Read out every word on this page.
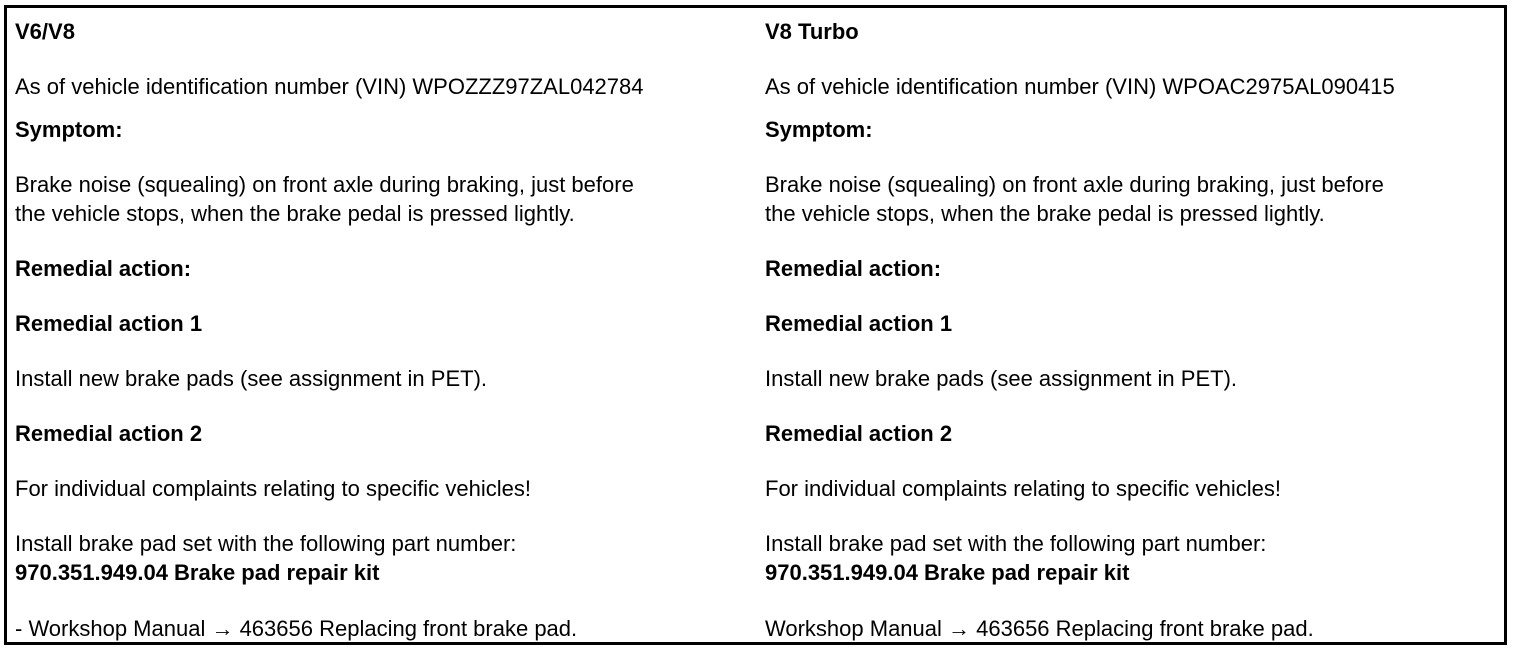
V6/V8
As of vehicle identification number (VIN) WPOZZZ97ZAL042784
Symptom:
Brake noise (squealing) on front axle during braking, just before
the vehicle stops, when the brake pedal is pressed lightly.
Remedial action:
Remedial action 1
Install new brake pads (see assignment in PET).
Remedial action 2
For individual complaints relating to specific vehicles!
Install brake pad set with the following part number:
970.351.949.04 Brake pad repair kit
- Workshop Manual → 463656 Replacing front brake pad.
V8 Turbo
As of vehicle identification number (VIN) WPOAC2975AL090415
Symptom:
Brake noise (squealing) on front axle during braking, just before
the vehicle stops, when the brake pedal is pressed lightly.
Remedial action:
Remedial action 1
Install new brake pads (see assignment in PET).
Remedial action 2
For individual complaints relating to specific vehicles!
Install brake pad set with the following part number:
970.351.949.04 Brake pad repair kit
Workshop Manual → 463656 Replacing front brake pad.
